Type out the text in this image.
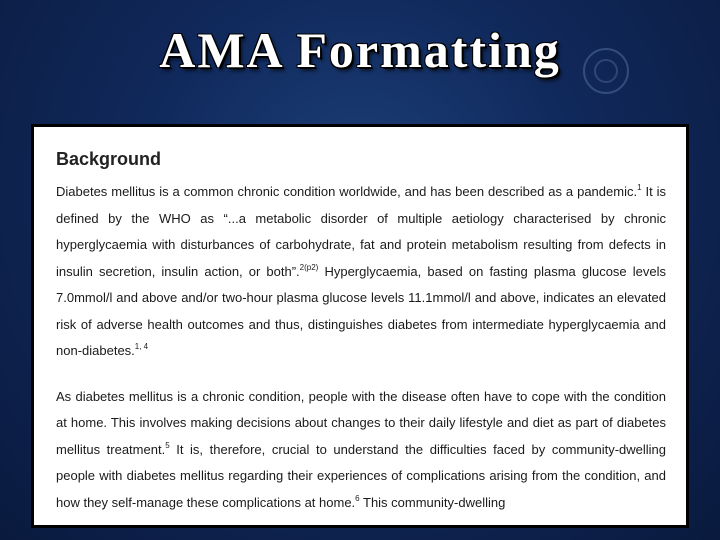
AMA Formatting
Background

Diabetes mellitus is a common chronic condition worldwide, and has been described as a pandemic.$^1$ It is defined by the WHO as “...a metabolic disorder of multiple aetiology characterised by chronic hyperglycaemia with disturbances of carbohydrate, fat and protein metabolism resulting from defects in insulin secretion, insulin action, or both”.$^{2(p2)}$ Hyperglycaemia, based on fasting plasma glucose levels 7.0mmol/l and above and/or two-hour plasma glucose levels 11.1mmol/l and above, indicates an elevated risk of adverse health outcomes and thus, distinguishes diabetes from intermediate hyperglycaemia and non-diabetes.$^{1, 4}$

As diabetes mellitus is a chronic condition, people with the disease often have to cope with the condition at home. This involves making decisions about changes to their daily lifestyle and diet as part of diabetes mellitus treatment.$^5$ It is, therefore, crucial to understand the difficulties faced by community-dwelling people with diabetes mellitus regarding their experiences of complications arising from the condition, and how they self-manage these complications at home.$^6$ This community-dwelling
